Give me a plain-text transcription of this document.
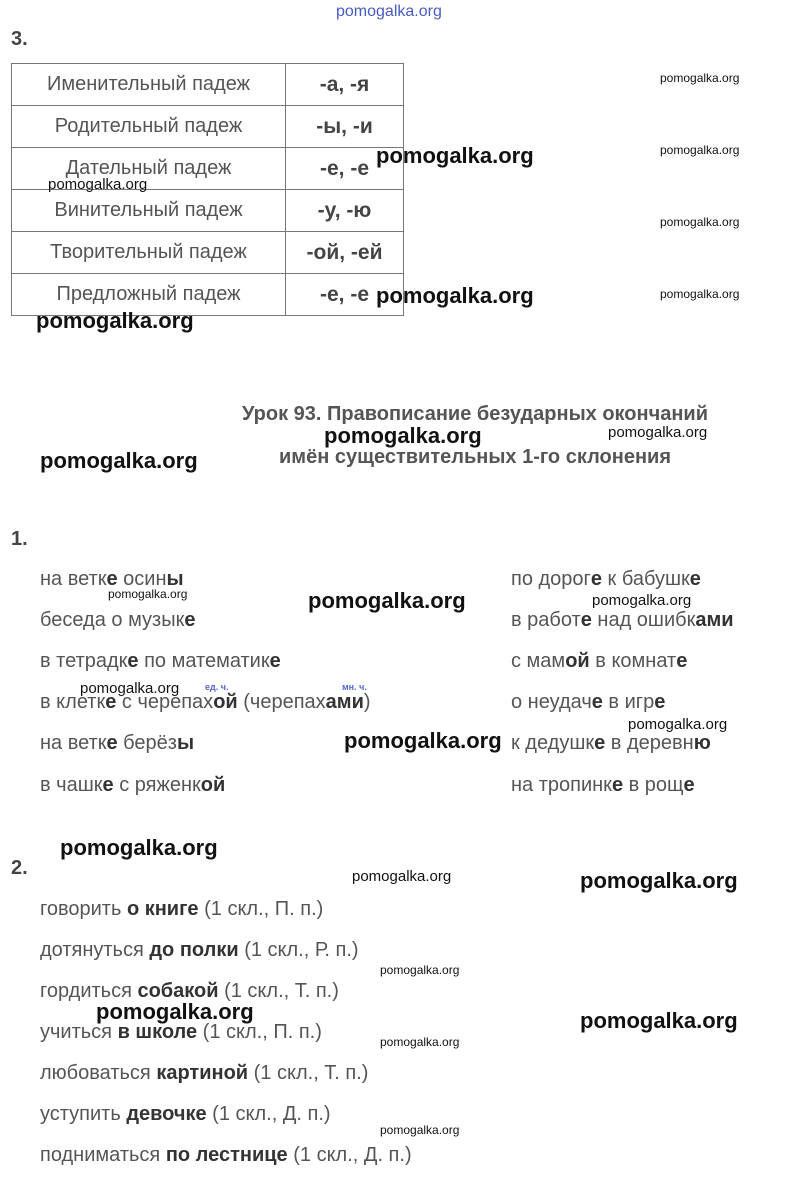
3.
Именительный падеж	-а, -я
Родительный падеж	-ы, -и
Дательный падеж	-е, -е
Винительный падеж	-у, -ю
Творительный падеж	-ой, -ей
Предложный падеж	-е, -е
Урок 93. Правописание безударных окончаний
имён существительных 1-го склонения
1.
на ветке осины
беседа о музыке
в тетрадке по математике
в клетке с черепахой (черепахами)
на ветке берёзы
в чашке с ряженкой
по дороге к бабушке
в работе над ошибками
с мамой в комнате
о неудаче в игре
к дедушке в деревню
на тропинке в роще
ед. ч.	мн. ч.
2.
говорить о книге (1 скл., П. п.)
дотянуться до полки (1 скл., Р. п.)
гордиться собакой (1 скл., Т. п.)
учиться в школе (1 скл., П. п.)
любоваться картиной (1 скл., Т. п.)
уступить девочке (1 скл., Д. п.)
подниматься по лестнице (1 скл., Д. п.)
pomogalka.org
pomogalka.org
pomogalka.org
pomogalka.org
pomogalka.org
pomogalka.org
pomogalka.org
pomogalka.org
pomogalka.org
pomogalka.org	pomogalka.org
pomogalka.org
pomogalka.org	pomogalka.org	pomogalka.org
pomogalka.org
pomogalka.org
pomogalka.org
pomogalka.org
pomogalka.org	pomogalka.org
pomogalka.org
pomogalka.org	pomogalka.org
pomogalka.org
pomogalka.org
